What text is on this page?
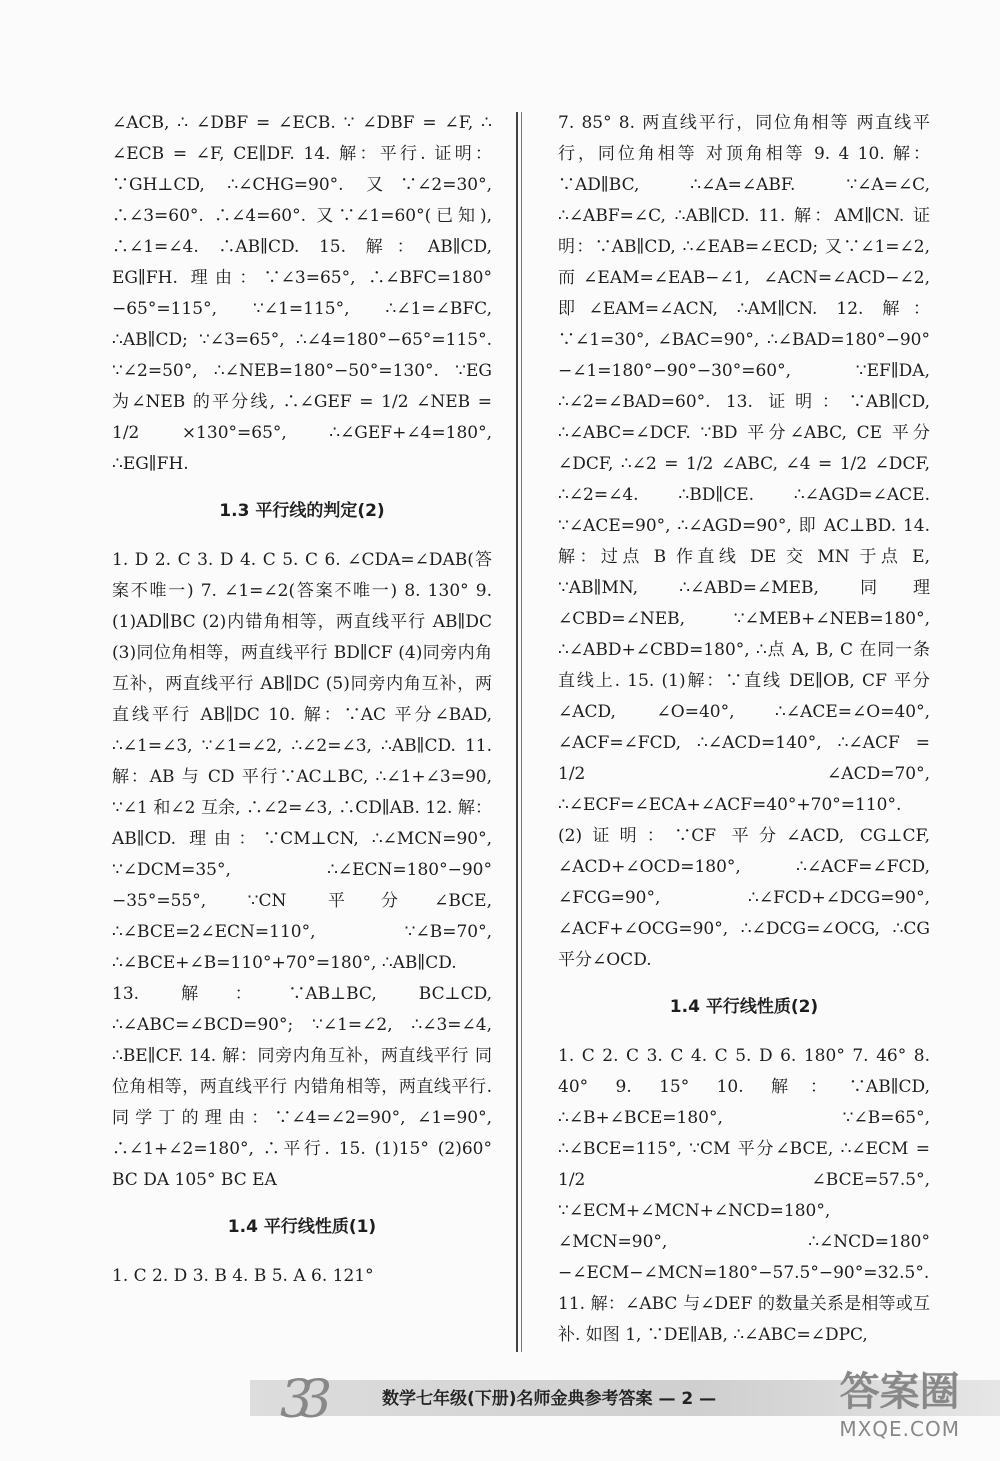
∠ACB, ∴ ∠DBF = ∠ECB. ∵ ∠DBF = ∠F, ∴ ∠ECB = ∠F, CE∥DF. 14. 解：平行. 证明：∵GH⊥CD, ∴∠CHG=90°. 又∵∠2=30°, ∴∠3=60°. ∴∠4=60°. 又∵∠1=60°(已知), ∴∠1=∠4. ∴AB∥CD. 15. 解：AB∥CD, EG∥FH. 理由：∵∠3=65°, ∴∠BFC=180°−65°=115°, ∵∠1=115°, ∴∠1=∠BFC, ∴AB∥CD; ∵∠3=65°, ∴∠4=180°−65°=115°. ∵∠2=50°, ∴∠NEB=180°−50°=130°. ∵EG 为∠NEB 的平分线, ∴∠GEF = 1/2 ∠NEB = 1/2 ×130°=65°, ∴∠GEF+∠4=180°, ∴EG∥FH.

1.3 平行线的判定(2)

1. D 2. C 3. D 4. C 5. C 6. ∠CDA=∠DAB(答案不唯一) 7. ∠1=∠2(答案不唯一) 8. 130° 9. (1)AD∥BC (2)内错角相等，两直线平行 AB∥DC (3)同位角相等，两直线平行 BD∥CF (4)同旁内角互补，两直线平行 AB∥DC (5)同旁内角互补，两直线平行 AB∥DC 10. 解：∵AC 平分∠BAD, ∴∠1=∠3, ∵∠1=∠2, ∴∠2=∠3, ∴AB∥CD. 11. 解：AB 与 CD 平行∵AC⊥BC, ∴∠1+∠3=90, ∵∠1 和∠2 互余, ∴∠2=∠3, ∴CD∥AB. 12. 解：AB∥CD. 理由：∵CM⊥CN, ∴∠MCN=90°, ∵∠DCM=35°, ∴∠ECN=180°−90°−35°=55°, ∵CN 平分∠BCE, ∴∠BCE=2∠ECN=110°, ∵∠B=70°, ∴∠BCE+∠B=110°+70°=180°, ∴AB∥CD.

13. 解：∵AB⊥BC, BC⊥CD, ∴∠ABC=∠BCD=90°; ∵∠1=∠2, ∴∠3=∠4, ∴BE∥CF. 14. 解：同旁内角互补，两直线平行 同位角相等，两直线平行 内错角相等，两直线平行. 同学丁的理由：∵∠4=∠2=90°, ∠1=90°, ∴∠1+∠2=180°, ∴平行. 15. (1)15° (2)60° BC DA 105° BC EA

1.4 平行线性质(1)

1. C 2. D 3. B 4. B 5. A 6. 121°

7. 85° 8. 两直线平行，同位角相等 两直线平行，同位角相等 对顶角相等 9. 4 10. 解：∵AD∥BC, ∴∠A=∠ABF. ∵∠A=∠C, ∴∠ABF=∠C, ∴AB∥CD. 11. 解：AM∥CN. 证明：∵AB∥CD, ∴∠EAB=∠ECD; 又∵∠1=∠2, 而∠EAM=∠EAB−∠1, ∠ACN=∠ACD−∠2, 即∠EAM=∠ACN, ∴AM∥CN. 12. 解：∵∠1=30°, ∠BAC=90°, ∴∠BAD=180°−90°−∠1=180°−90°−30°=60°, ∵EF∥DA, ∴∠2=∠BAD=60°. 13. 证明：∵AB∥CD, ∴∠ABC=∠DCF. ∵BD 平分∠ABC, CE 平分∠DCF, ∴∠2 = 1/2 ∠ABC, ∠4 = 1/2 ∠DCF, ∴∠2=∠4. ∴BD∥CE. ∴∠AGD=∠ACE. ∵∠ACE=90°, ∴∠AGD=90°, 即 AC⊥BD. 14. 解：过点 B 作直线 DE 交 MN 于点 E, ∵AB∥MN, ∴∠ABD=∠MEB, 同理∠CBD=∠NEB, ∵∠MEB+∠NEB=180°, ∴∠ABD+∠CBD=180°, ∴点 A, B, C 在同一条直线上. 15. (1)解：∵直线 DE∥OB, CF 平分∠ACD, ∠O=40°, ∴∠ACE=∠O=40°, ∠ACF=∠FCD, ∴∠ACD=140°, ∴∠ACF = 1/2 ∠ACD=70°, ∴∠ECF=∠ECA+∠ACF=40°+70°=110°. (2)证明：∵CF 平分∠ACD, CG⊥CF, ∠ACD+∠OCD=180°, ∴∠ACF=∠FCD, ∠FCG=90°, ∴∠FCD+∠DCG=90°, ∠ACF+∠OCG=90°, ∴∠DCG=∠OCG, ∴CG 平分∠OCD.

1.4 平行线性质(2)

1. C 2. C 3. C 4. C 5. D 6. 180° 7. 46° 8. 40° 9. 15° 10. 解：∵AB∥CD, ∴∠B+∠BCE=180°, ∵∠B=65°, ∴∠BCE=115°, ∵CM 平分∠BCE, ∴∠ECM = 1/2 ∠BCE=57.5°, ∵∠ECM+∠MCN+∠NCD=180°, ∠MCN=90°, ∴∠NCD=180°−∠ECM−∠MCN=180°−57.5°−90°=32.5°. 11. 解：∠ABC 与∠DEF 的数量关系是相等或互补. 如图 1, ∵DE∥AB, ∴∠ABC=∠DPC,

33	数学七年级(下册)名师金典参考答案 — 2 —	答案圈
MXQE.COM
